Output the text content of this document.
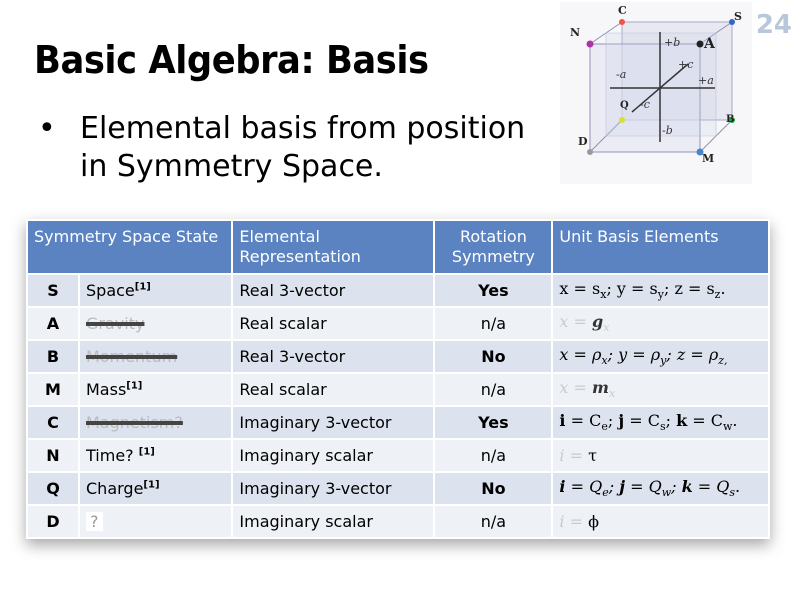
24
Basic Algebra: Basis
• Elemental basis from position in Symmetry Space.
C	S
N
A
D
M
Q
B
+b
-b
+a
-a
+c
-c
Symmetry Space State		Elemental Representation	Rotation Symmetry	Unit Basis Elements
S	Space[1]	Real 3-vector	Yes	$x = s_x$; $y = s_y$; $z = s_z$.
A	Gravity	Real scalar	n/a	$x = g_x$
B	Momentum	Real 3-vector	No	$x = \rho_x$; $y = \rho_y$; $z = \rho_{z,}$
M	Mass[1]	Real scalar	n/a	$x = m_x$
C	Magnetism?	Imaginary 3-vector	Yes	$i = C_e$; $j = C_s$; $k = C_w$.
N	Time? [1]	Imaginary scalar	n/a	i = τ
Q	Charge[1]	Imaginary 3-vector	No	$i = Q_e$; $j = Q_w$; $k = Q_s$.
D	?	Imaginary scalar	n/a	i = ϕ
